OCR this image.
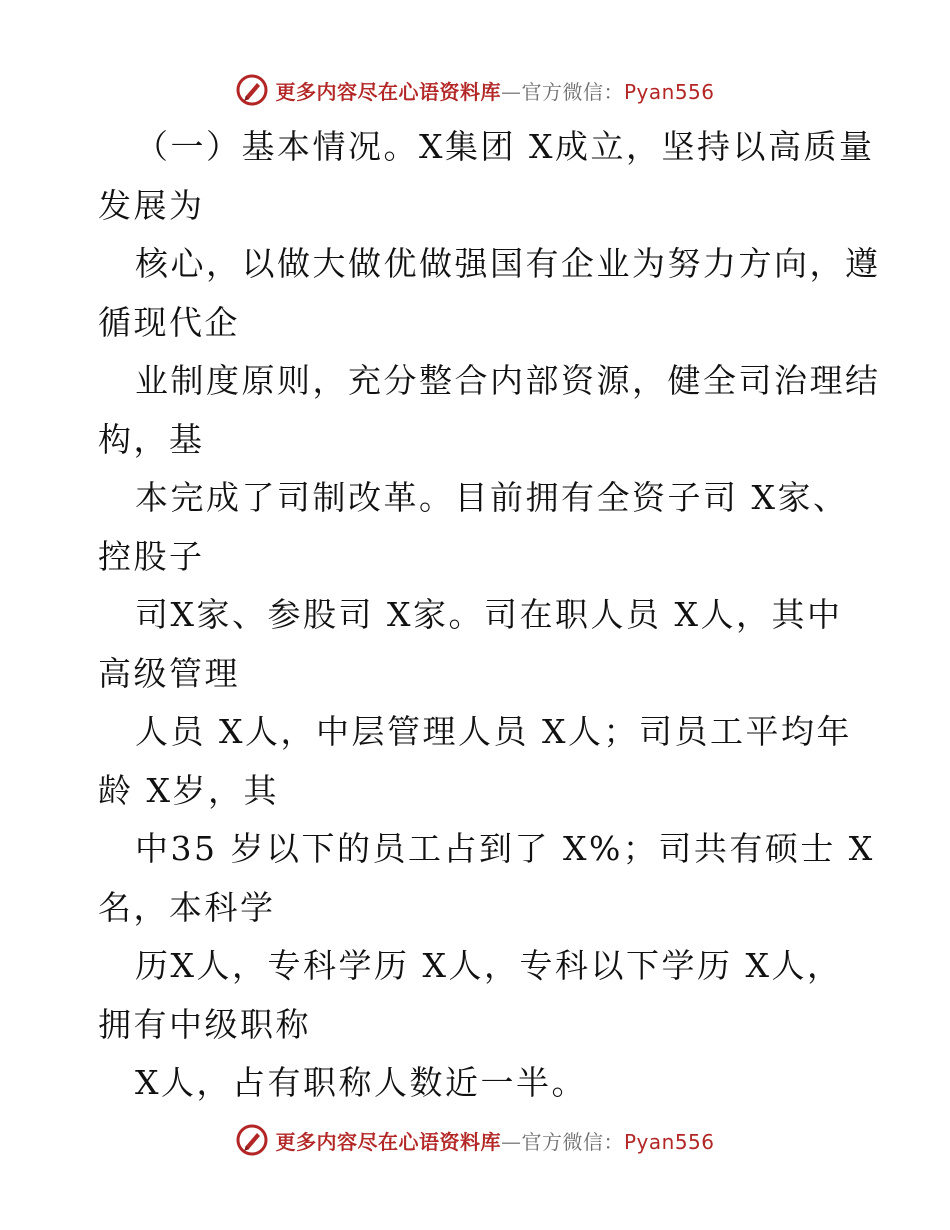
更多内容尽在心语资料库—官方微信：Pyan556
（一）基本情况。X集团 X成立，坚持以高质量
发展为
核心，以做大做优做强国有企业为努力方向，遵
循现代企
业制度原则，充分整合内部资源，健全司治理结
构，基
本完成了司制改革。目前拥有全资子司 X家、
控股子
司X家、参股司 X家。司在职人员 X人，其中
高级管理
人员 X人，中层管理人员 X人；司员工平均年
龄 X岁，其
中35 岁以下的员工占到了 X%；司共有硕士 X
名，本科学
历X人，专科学历 X人，专科以下学历 X人，
拥有中级职称
X人，占有职称人数近一半。
更多内容尽在心语资料库—官方微信：Pyan556
